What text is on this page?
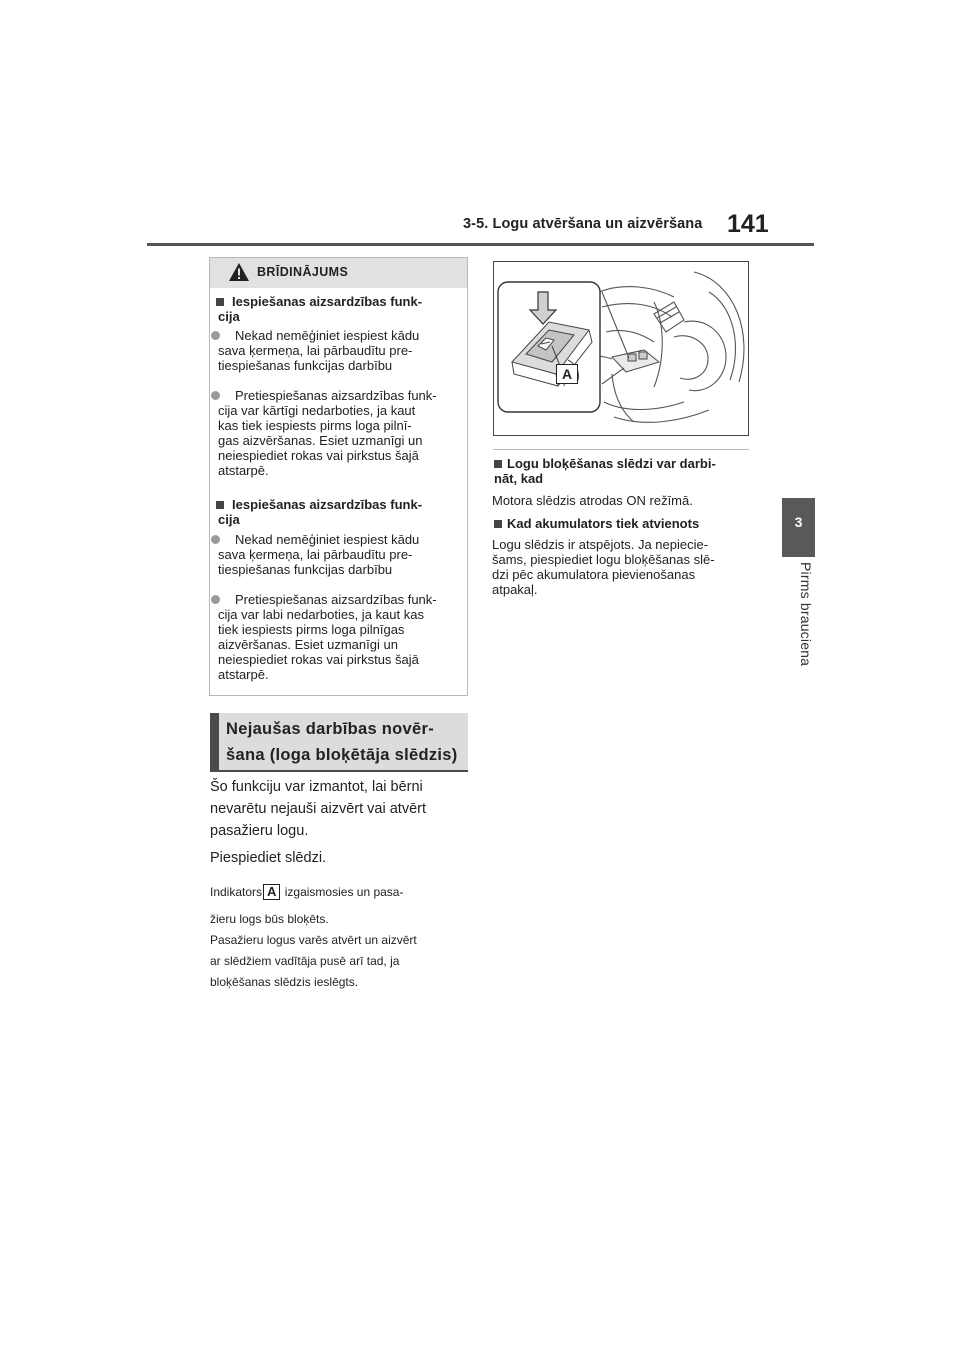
3-5. Logu atvēršana un aizvēršana 141
3
Pirms brauciena
BRĪDINĀJUMS
Iespiešanas aizsardzības funk-
cija
Nekad nemēģiniet iespiest kādu
sava ķermeņa, lai pārbaudītu pre-
tiespiešanas funkcijas darbību
Pretiespiešanas aizsardzības funk-
cija var kārtīgi nedarboties, ja kaut
kas tiek iespiests pirms loga pilnī-
gas aizvēršanas. Esiet uzmanīgi un
neiespiediet rokas vai pirkstus šajā
atstarpē.
Iespiešanas aizsardzības funk-
cija
Nekad nemēģiniet iespiest kādu
sava ķermeņa, lai pārbaudītu pre-
tiespiešanas funkcijas darbību
Pretiespiešanas aizsardzības funk-
cija var labi nedarboties, ja kaut kas
tiek iespiests pirms loga pilnīgas
aizvēršanas. Esiet uzmanīgi un
neiespiediet rokas vai pirkstus šajā
atstarpē.
Nejaušas darbības novēr-
šana (loga bloķētāja slēdzis)
Šo funkciju var izmantot, lai bērni
nevarētu nejauši aizvērt vai atvērt
pasažieru logu.
Piespiediet slēdzi.
Indikators A izgaismosies un pasa-
žieru logs būs bloķēts.
Pasažieru logus varēs atvērt un aizvērt
ar slēdžiem vadītāja pusē arī tad, ja
bloķēšanas slēdzis ieslēgts.
A
Logu bloķēšanas slēdzi var darbi-
nāt, kad
Motora slēdzis atrodas ON režīmā.
Kad akumulators tiek atvienots
Logu slēdzis ir atspējots. Ja nepiecie-
šams, piespiediet logu bloķēšanas slē-
dzi pēc akumulatora pievienošanas
atpakaļ.
